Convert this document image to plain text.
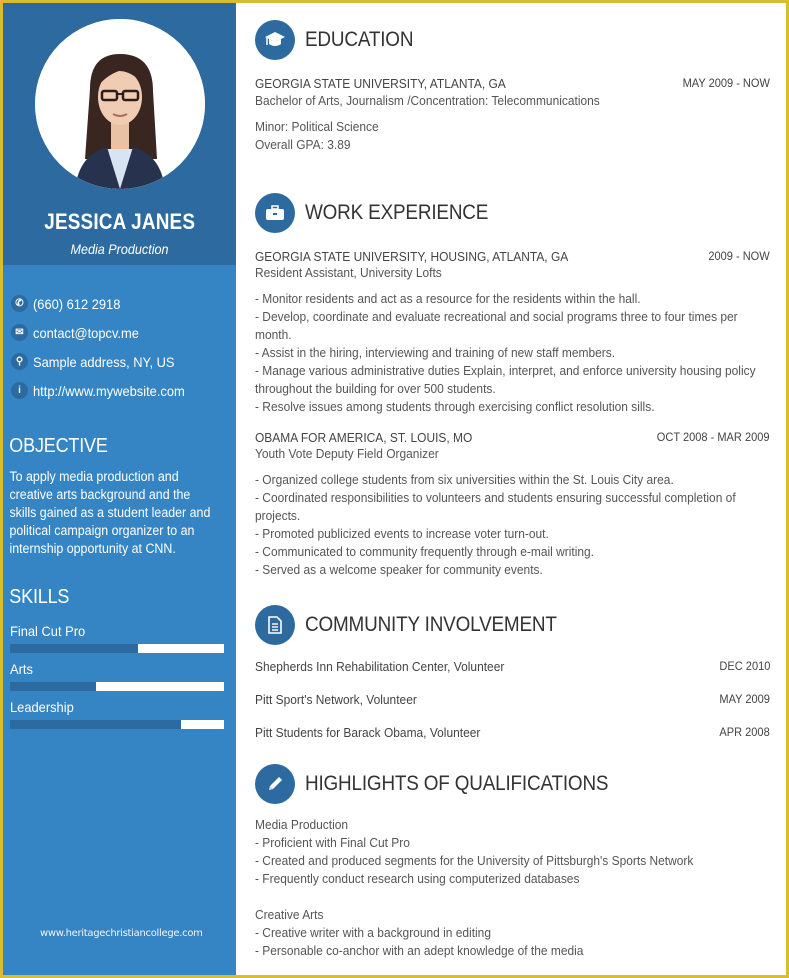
JESSICA JANES
Media Production
✆ (660) 612 2918
✉ contact@topcv.me
⚲ Sample address, NY, US
i http://www.mywebsite.com
OBJECTIVE
To apply media production and creative arts background and the skills gained as a student leader and political campaign organizer to an internship opportunity at CNN.
SKILLS
Final Cut Pro
Arts
Leadership
www.heritagechristiancollege.com
EDUCATION
GEORGIA STATE UNIVERSITY, ATLANTA, GA	MAY 2009 - NOW
Bachelor of Arts, Journalism /Concentration: Telecommunications
Minor: Political Science
Overall GPA: 3.89
WORK EXPERIENCE
GEORGIA STATE UNIVERSITY, HOUSING, ATLANTA, GA	2009 - NOW
Resident Assistant, University Lofts
- Monitor residents and act as a resource for the residents within the hall.
- Develop, coordinate and evaluate recreational and social programs three to four times per month.
- Assist in the hiring, interviewing and training of new staff members.
- Manage various administrative duties Explain, interpret, and enforce university housing policy throughout the building for over 500 students.
- Resolve issues among students through exercising conflict resolution sills.
OBAMA FOR AMERICA, ST. LOUIS, MO	OCT 2008 - MAR 2009
Youth Vote Deputy Field Organizer
- Organized college students from six universities within the St. Louis City area.
- Coordinated responsibilities to volunteers and students ensuring successful completion of projects.
- Promoted publicized events to increase voter turn-out.
- Communicated to community frequently through e-mail writing.
- Served as a welcome speaker for community events.
COMMUNITY INVOLVEMENT
Shepherds Inn Rehabilitation Center, Volunteer	DEC 2010
Pitt Sport's Network, Volunteer	MAY 2009
Pitt Students for Barack Obama, Volunteer	APR 2008
HIGHLIGHTS OF QUALIFICATIONS
Media Production
- Proficient with Final Cut Pro
- Created and produced segments for the University of Pittsburgh's Sports Network
- Frequently conduct research using computerized databases
Creative Arts
- Creative writer with a background in editing
- Personable co-anchor with an adept knowledge of the media
